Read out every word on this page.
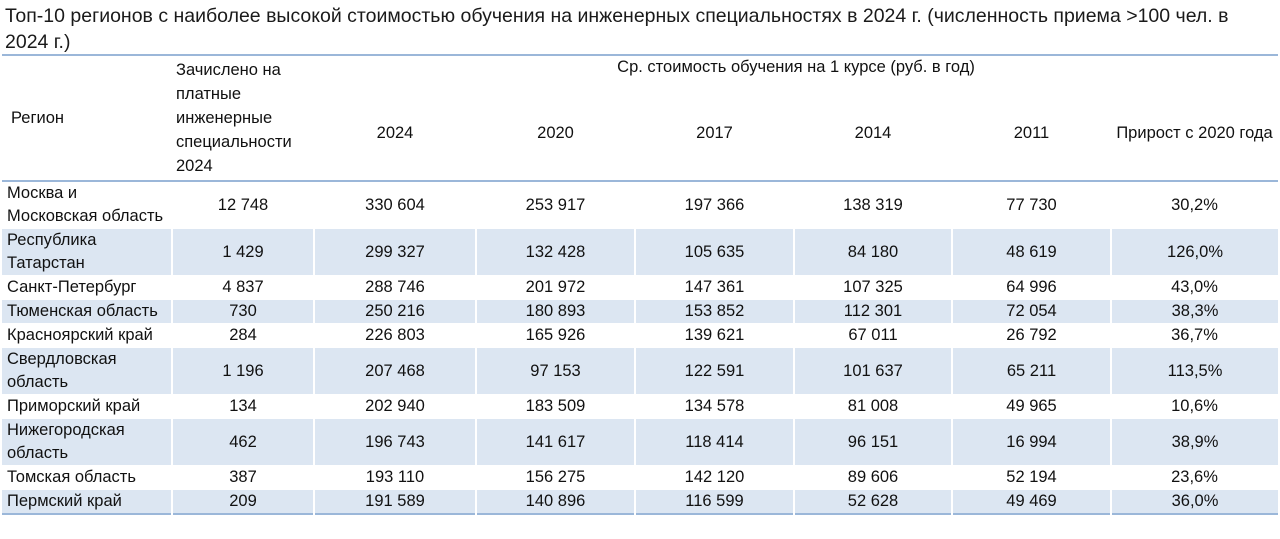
Топ-10 регионов с наиболее высокой стоимостью обучения на инженерных специальностях в 2024 г. (численность приема >100 чел. в 2024 г.)
Регион	Зачислено на платные инженерные специальности 2024	Ср. стоимость обучения на 1 курсе (руб. в год)					
		2024	2020	2017	2014	2011	Прирост с 2020 года
Москва и Московская область	12 748	330 604	253 917	197 366	138 319	77 730	30,2%
Республика Татарстан	1 429	299 327	132 428	105 635	84 180	48 619	126,0%
Санкт-Петербург	4 837	288 746	201 972	147 361	107 325	64 996	43,0%
Тюменская область	730	250 216	180 893	153 852	112 301	72 054	38,3%
Красноярский край	284	226 803	165 926	139 621	67 011	26 792	36,7%
Свердловская область	1 196	207 468	97 153	122 591	101 637	65 211	113,5%
Приморский край	134	202 940	183 509	134 578	81 008	49 965	10,6%
Нижегородская область	462	196 743	141 617	118 414	96 151	16 994	38,9%
Томская область	387	193 110	156 275	142 120	89 606	52 194	23,6%
Пермский край	209	191 589	140 896	116 599	52 628	49 469	36,0%
